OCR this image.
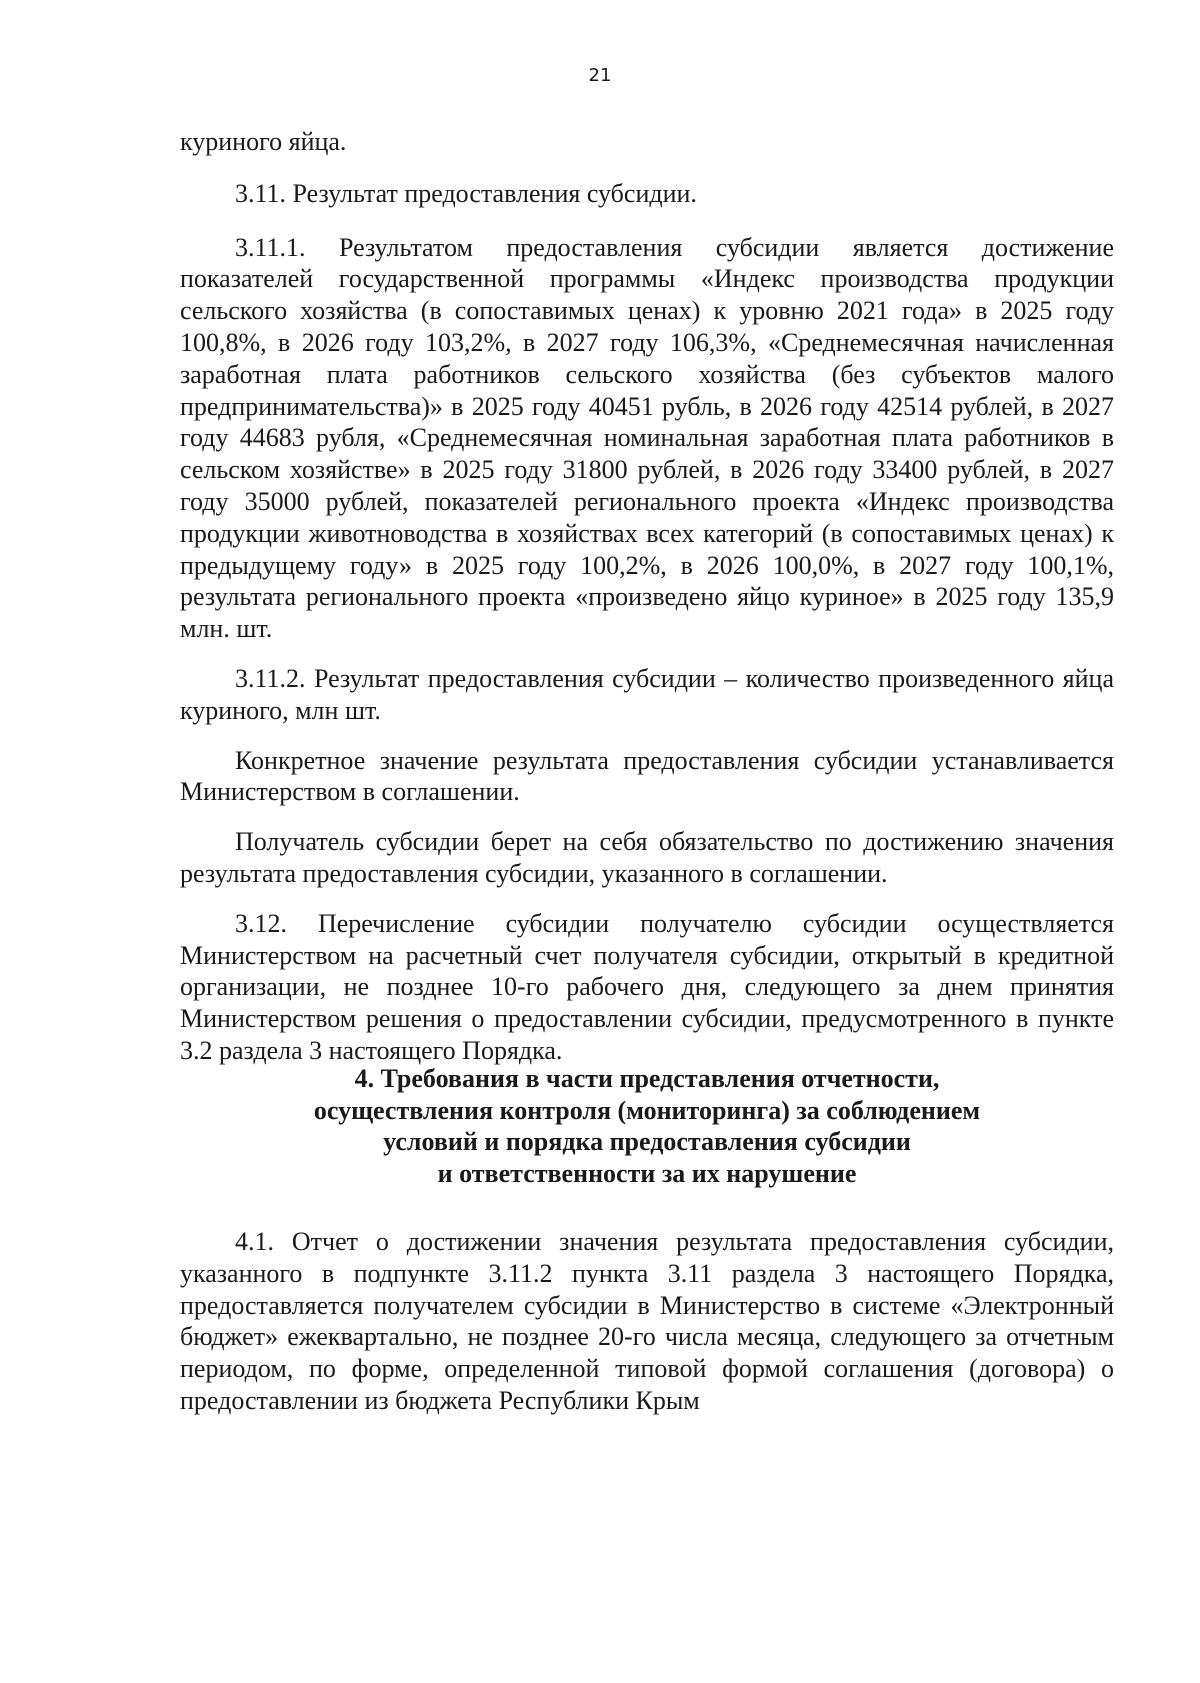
21

куриного яйца.

3.11. Результат предоставления субсидии.

3.11.1. Результатом предоставления субсидии является достижение показателей государственной программы «Индекс производства продукции сельского хозяйства (в сопоставимых ценах) к уровню 2021 года» в 2025 году 100,8%, в 2026 году 103,2%, в 2027 году 106,3%, «Среднемесячная начисленная заработная плата работников сельского хозяйства (без субъектов малого предпринимательства)» в 2025 году 40451 рубль, в 2026 году 42514 рублей, в 2027 году 44683 рубля, «Среднемесячная номинальная заработная плата работников в сельском хозяйстве» в 2025 году 31800 рублей, в 2026 году 33400 рублей, в 2027 году 35000 рублей, показателей регионального проекта «Индекс производства продукции животноводства в хозяйствах всех категорий (в сопоставимых ценах) к предыдущему году» в 2025 году 100,2%, в 2026 100,0%, в 2027 году 100,1%, результата регионального проекта «произведено яйцо куриное» в 2025 году 135,9 млн. шт.

3.11.2. Результат предоставления субсидии – количество произведенного яйца куриного, млн шт.

Конкретное значение результата предоставления субсидии устанавливается Министерством в соглашении.

Получатель субсидии берет на себя обязательство по достижению значения результата предоставления субсидии, указанного в соглашении.

3.12. Перечисление субсидии получателю субсидии осуществляется Министерством на расчетный счет получателя субсидии, открытый в кредитной организации, не позднее 10-го рабочего дня, следующего за днем принятия Министерством решения о предоставлении субсидии, предусмотренного в пункте 3.2 раздела 3 настоящего Порядка.

4. Требования в части представления отчетности,
осуществления контроля (мониторинга) за соблюдением
условий и порядка предоставления субсидии
и ответственности за их нарушение

4.1. Отчет о достижении значения результата предоставления субсидии, указанного в подпункте 3.11.2 пункта 3.11 раздела 3 настоящего Порядка, предоставляется получателем субсидии в Министерство в системе «Электронный бюджет» ежеквартально, не позднее 20-го числа месяца, следующего за отчетным периодом, по форме, определенной типовой формой соглашения (договора) о предоставлении из бюджета Республики Крым
